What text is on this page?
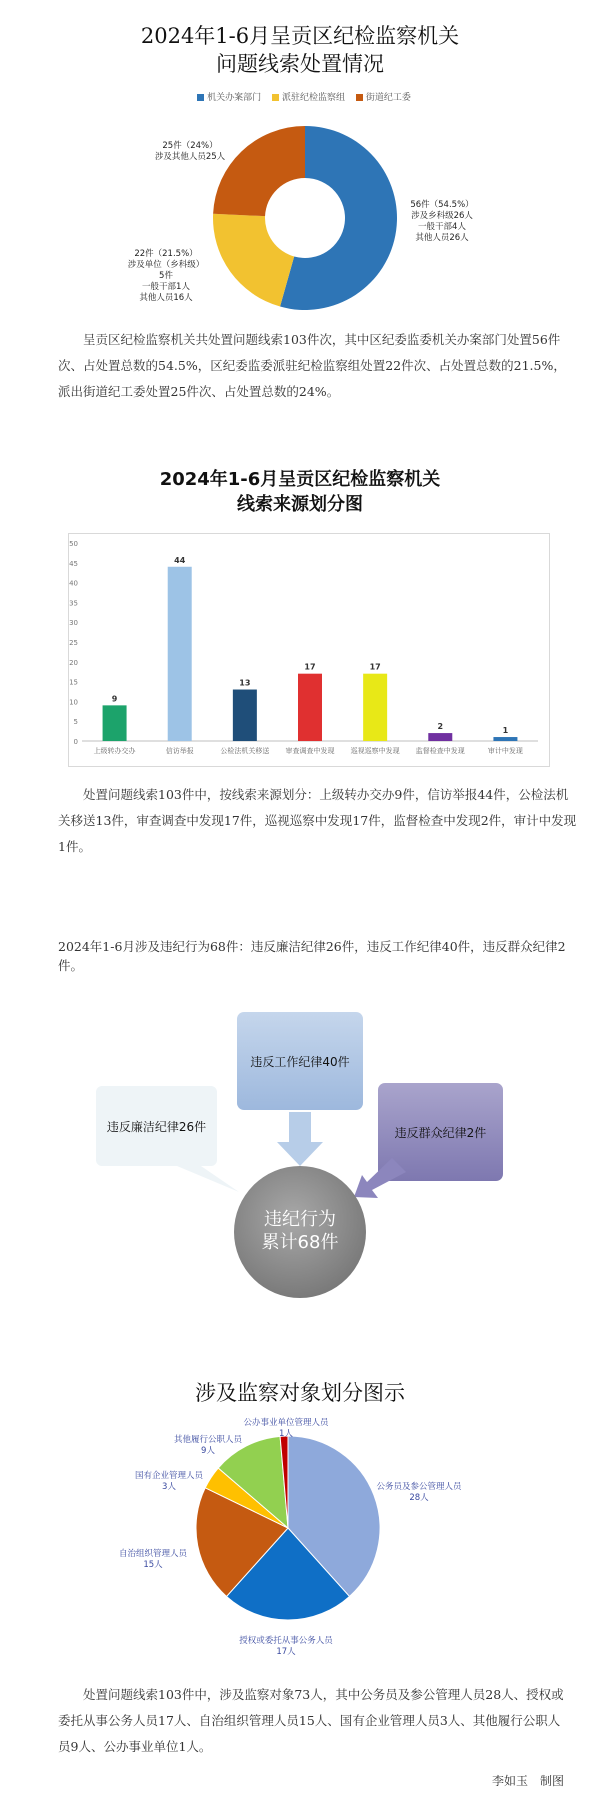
2024年1-6月呈贡区纪检监察机关
问题线索处置情况
机关办案部门 派驻纪检监察组 街道纪工委
56件（54.5%）
涉及乡科级26人
一般干部4人
其他人员26人
22件（21.5%）
涉及单位（乡科级）
5件
一般干部1人
其他人员16人
25件（24%）
涉及其他人员25人
呈贡区纪检监察机关共处置问题线索103件次，其中区纪委监委机关办案部门处置56件次、占处置总数的54.5%，区纪委监委派驻纪检监察组处置22件次、占处置总数的21.5%，派出街道纪工委处置25件次、占处置总数的24%。
2024年1-6月呈贡区纪检监察机关
线索来源划分图
0
5
10
15
20
25
30
35
40
45
50
9
上级转办交办
44
信访举报
13
公检法机关移送
17
审查调查中发现
17
巡视巡察中发现
2
监督检查中发现
1
审计中发现
处置问题线索103件中，按线索来源划分：上级转办交办9件，信访举报44件，公检法机关移送13件，审查调查中发现17件，巡视巡察中发现17件，监督检查中发现2件，审计中发现1件。
2024年1-6月涉及违纪行为68件：违反廉洁纪律26件，违反工作纪律40件，违反群众纪律2件。
违反工作纪律40件
违反廉洁纪律26件	违反群众纪律2件
违纪行为
累计68件
涉及监察对象划分图示
公务员及参公管理人员
28人
授权或委托从事公务人员
17人
自治组织管理人员
15人
国有企业管理人员
3人
其他履行公职人员
9人
公办事业单位管理人员
1人
处置问题线索103件中，涉及监察对象73人，其中公务员及参公管理人员28人、授权或委托从事公务人员17人、自治组织管理人员15人、国有企业管理人员3人、其他履行公职人员9人、公办事业单位1人。
李如玉　制图
